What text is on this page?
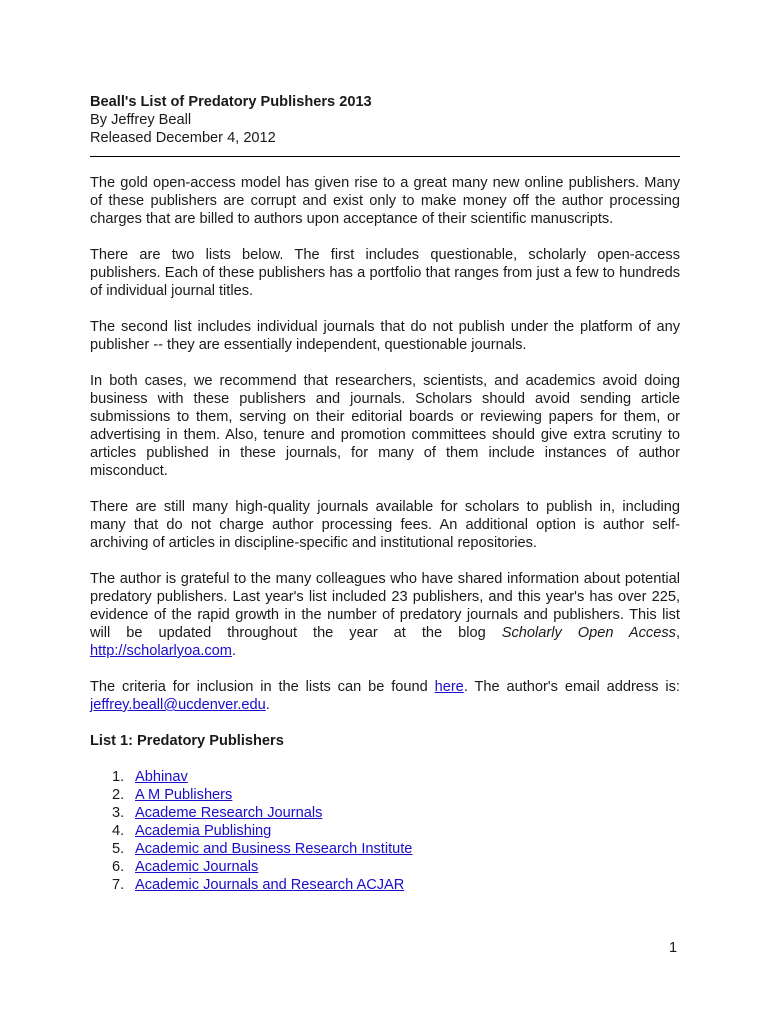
Beall's List of Predatory Publishers 2013
By Jeffrey Beall
Released December 4, 2012

The gold open-access model has given rise to a great many new online publishers. Many of these publishers are corrupt and exist only to make money off the author processing charges that are billed to authors upon acceptance of their scientific manuscripts.

There are two lists below. The first includes questionable, scholarly open-access publishers. Each of these publishers has a portfolio that ranges from just a few to hundreds of individual journal titles.

The second list includes individual journals that do not publish under the platform of any publisher -- they are essentially independent, questionable journals.

In both cases, we recommend that researchers, scientists, and academics avoid doing business with these publishers and journals. Scholars should avoid sending article submissions to them, serving on their editorial boards or reviewing papers for them, or advertising in them. Also, tenure and promotion committees should give extra scrutiny to articles published in these journals, for many of them include instances of author misconduct.

There are still many high-quality journals available for scholars to publish in, including many that do not charge author processing fees. An additional option is author self-archiving of articles in discipline-specific and institutional repositories.

The author is grateful to the many colleagues who have shared information about potential predatory publishers. Last year's list included 23 publishers, and this year's has over 225, evidence of the rapid growth in the number of predatory journals and publishers. This list will be updated throughout the year at the blog Scholarly Open Access, http://scholarlyoa.com.

The criteria for inclusion in the lists can be found here. The author's email address is: jeffrey.beall@ucdenver.edu.

List 1: Predatory Publishers
1. Abhinav
2. A M Publishers
3. Academe Research Journals
4. Academia Publishing
5. Academic and Business Research Institute
6. Academic Journals
7. Academic Journals and Research ACJAR
1
